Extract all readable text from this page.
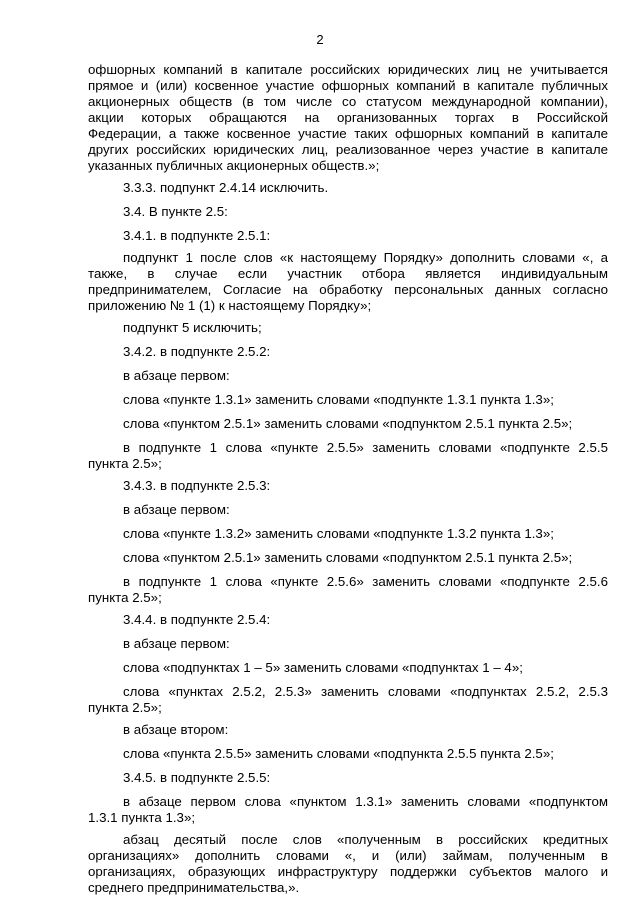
2

офшорных компаний в капитале российских юридических лиц не учитывается

прямое и (или) косвенное участие офшорных компаний в капитале публичных

акционерных обществ (в том числе со статусом международной компании),

акции которых обращаются на организованных торгах в Российской

Федерации, а также косвенное участие таких офшорных компаний в капитале

других российских юридических лиц, реализованное через участие в капитале

указанных публичных акционерных обществ.»;

3.3.3. подпункт 2.4.14 исключить.

3.4. В пункте 2.5:

3.4.1. в подпункте 2.5.1:

подпункт 1 после слов «к настоящему Порядку» дополнить словами «, а

также, в случае если участник отбора является индивидуальным

предпринимателем, Согласие на обработку персональных данных согласно

приложению № 1 (1) к настоящему Порядку»;

подпункт 5 исключить;

3.4.2. в подпункте 2.5.2:

в абзаце первом:

слова «пункте 1.3.1» заменить словами «подпункте 1.3.1 пункта 1.3»;

слова «пунктом 2.5.1» заменить словами «подпунктом 2.5.1 пункта 2.5»;

в подпункте 1 слова «пункте 2.5.5» заменить словами «подпункте 2.5.5

пункта 2.5»;

3.4.3. в подпункте 2.5.3:

в абзаце первом:

слова «пункте 1.3.2» заменить словами «подпункте 1.3.2 пункта 1.3»;

слова «пунктом 2.5.1» заменить словами «подпунктом 2.5.1 пункта 2.5»;

в подпункте 1 слова «пункте 2.5.6» заменить словами «подпункте 2.5.6

пункта 2.5»;

3.4.4. в подпункте 2.5.4:

в абзаце первом:

слова «подпунктах 1 – 5» заменить словами «подпунктах 1 – 4»;

слова «пунктах 2.5.2, 2.5.3» заменить словами «подпунктах 2.5.2, 2.5.3

пункта 2.5»;

в абзаце втором:

слова «пункта 2.5.5» заменить словами «подпункта 2.5.5 пункта 2.5»;

3.4.5. в подпункте 2.5.5:

в абзаце первом слова «пунктом 1.3.1» заменить словами «подпунктом

1.3.1 пункта 1.3»;

абзац десятый после слов «полученным в российских кредитных

организациях» дополнить словами «, и (или) займам, полученным в

организациях, образующих инфраструктуру поддержки субъектов малого и

среднего предпринимательства,».
